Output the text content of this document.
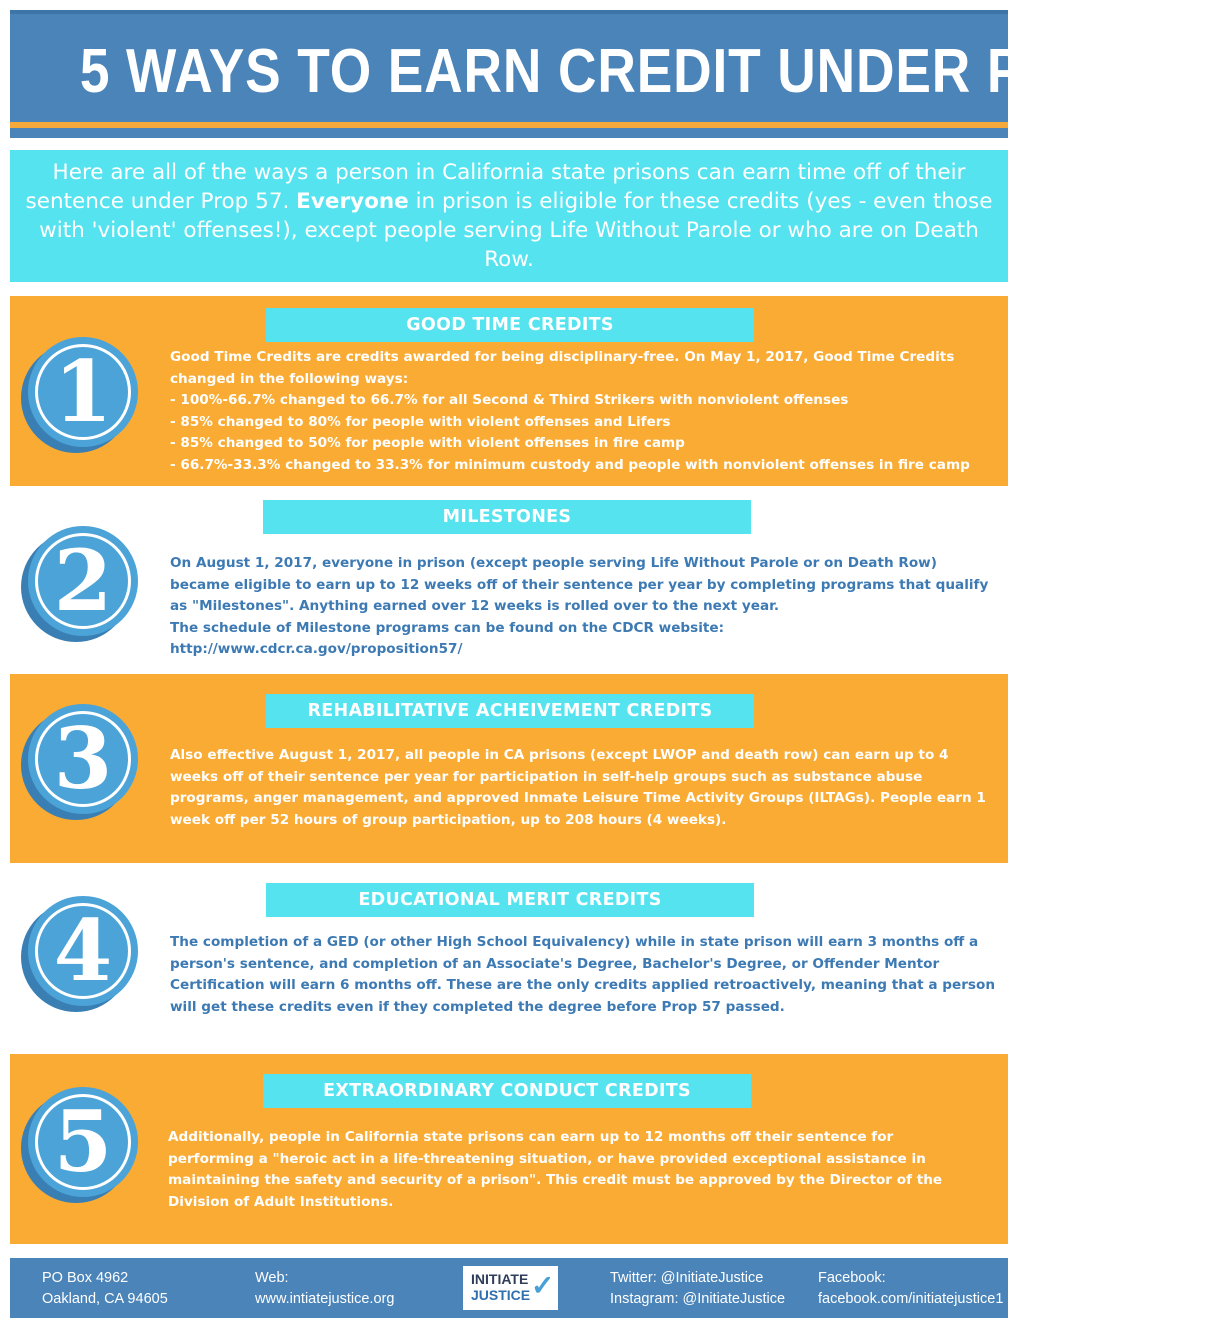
5 WAYS TO EARN CREDIT UNDER PROP 57

Here are all of the ways a person in California state prisons can earn time off of their sentence under Prop 57. Everyone in prison is eligible for these credits (yes - even those with 'violent' offenses!), except people serving Life Without Parole or who are on Death Row.

GOOD TIME CREDITS
1	Good Time Credits are credits awarded for being disciplinary-free. On May 1, 2017, Good Time Credits changed in the following ways:

- 100%-66.7% changed to 66.7% for all Second & Third Strikers with nonviolent offenses

- 85% changed to 80% for people with violent offenses and Lifers

- 85% changed to 50% for people with violent offenses in fire camp

- 66.7%-33.3% changed to 33.3% for minimum custody and people with nonviolent offenses in fire camp

MILESTONES
2	On August 1, 2017, everyone in prison (except people serving Life Without Parole or on Death Row) became eligible to earn up to 12 weeks off of their sentence per year by completing programs that qualify as "Milestones". Anything earned over 12 weeks is rolled over to the next year.

The schedule of Milestone programs can be found on the CDCR website:

http://www.cdcr.ca.gov/proposition57/

REHABILITATIVE ACHEIVEMENT CREDITS
3	Also effective August 1, 2017, all people in CA prisons (except LWOP and death row) can earn up to 4 weeks off of their sentence per year for participation in self-help groups such as substance abuse programs, anger management, and approved Inmate Leisure Time Activity Groups (ILTAGs). People earn 1 week off per 52 hours of group participation, up to 208 hours (4 weeks).

EDUCATIONAL MERIT CREDITS
4	The completion of a GED (or other High School Equivalency) while in state prison will earn 3 months off a person's sentence, and completion of an Associate's Degree, Bachelor's Degree, or Offender Mentor Certification will earn 6 months off. These are the only credits applied retroactively, meaning that a person will get these credits even if they completed the degree before Prop 57 passed.

EXTRAORDINARY CONDUCT CREDITS
5	Additionally, people in California state prisons can earn up to 12 months off their sentence for performing a "heroic act in a life-threatening situation, or have provided exceptional assistance in maintaining the safety and security of a prison". This credit must be approved by the Director of the Division of Adult Institutions.

PO Box 4962
Oakland, CA 94605
Web:
www.intiatejustice.org
INITIATE
JUSTICE ✓	Twitter: @InitiateJustice
Instagram: @InitiateJustice
Facebook:
facebook.com/initiatejustice1
